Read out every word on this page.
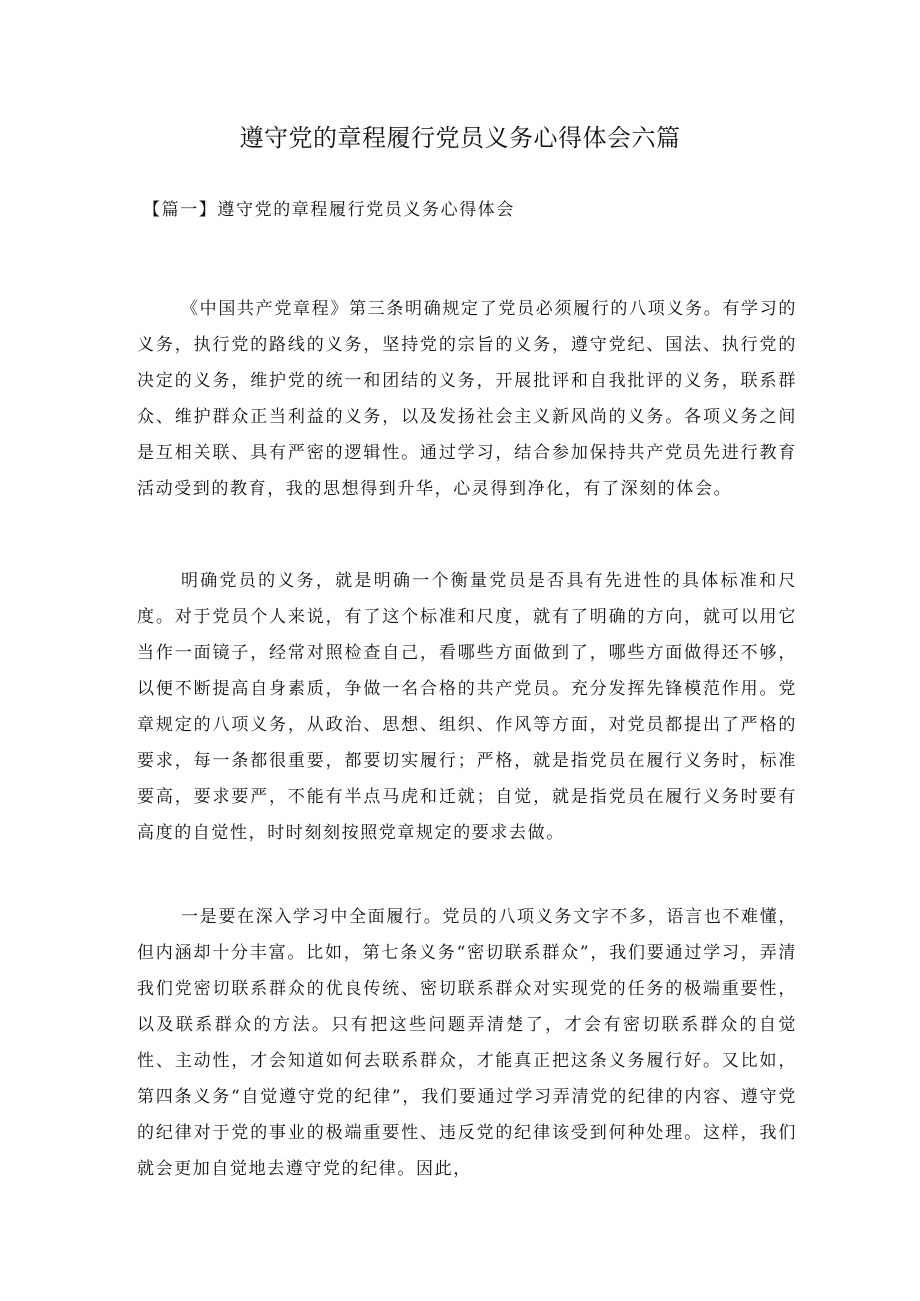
遵守党的章程履行党员义务心得体会六篇
【篇一】遵守党的章程履行党员义务心得体会

《中国共产党章程》第三条明确规定了党员必须履行的八项义务。有学习的义务，执行党的路线的义务，坚持党的宗旨的义务，遵守党纪、国法、执行党的决定的义务，维护党的统一和团结的义务，开展批评和自我批评的义务，联系群众、维护群众正当利益的义务，以及发扬社会主义新风尚的义务。各项义务之间是互相关联、具有严密的逻辑性。通过学习，结合参加保持共产党员先进行教育活动受到的教育，我的思想得到升华，心灵得到净化，有了深刻的体会。

明确党员的义务，就是明确一个衡量党员是否具有先进性的具体标准和尺度。对于党员个人来说，有了这个标准和尺度，就有了明确的方向，就可以用它当作一面镜子，经常对照检查自己，看哪些方面做到了，哪些方面做得还不够，以便不断提高自身素质，争做一名合格的共产党员。充分发挥先锋模范作用。党章规定的八项义务，从政治、思想、组织、作风等方面，对党员都提出了严格的要求，每一条都很重要，都要切实履行；严格，就是指党员在履行义务时，标准要高，要求要严，不能有半点马虎和迁就；自觉，就是指党员在履行义务时要有高度的自觉性，时时刻刻按照党章规定的要求去做。

一是要在深入学习中全面履行。党员的八项义务文字不多，语言也不难懂，但内涵却十分丰富。比如，第七条义务“密切联系群众”，我们要通过学习，弄清我们党密切联系群众的优良传统、密切联系群众对实现党的任务的极端重要性，以及联系群众的方法。只有把这些问题弄清楚了，才会有密切联系群众的自觉性、主动性，才会知道如何去联系群众，才能真正把这条义务履行好。又比如，第四条义务“自觉遵守党的纪律”，我们要通过学习弄清党的纪律的内容、遵守党的纪律对于党的事业的极端重要性、违反党的纪律该受到何种处理。这样，我们就会更加自觉地去遵守党的纪律。因此，
